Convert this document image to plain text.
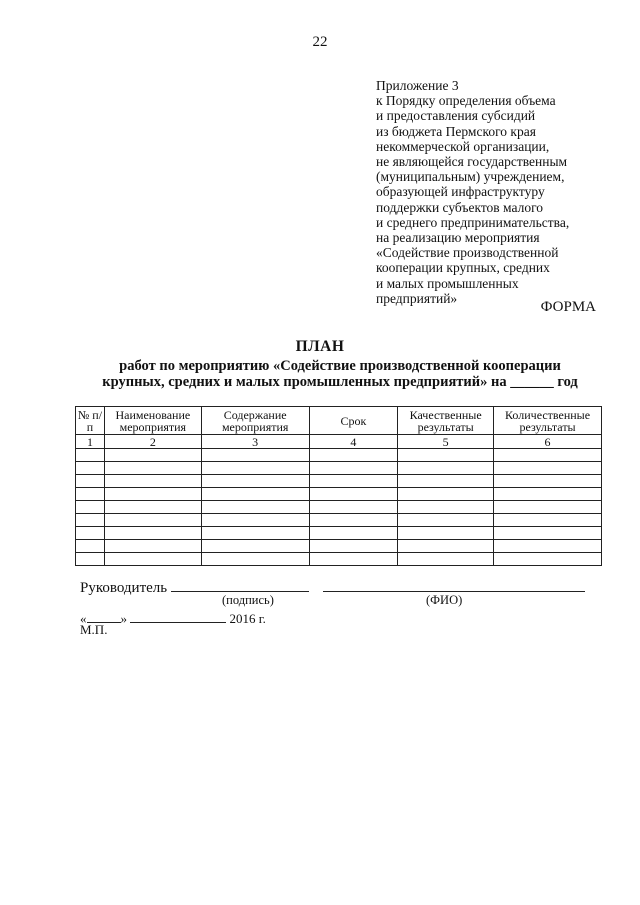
22
Приложение 3
к Порядку определения объема
и предоставления субсидий
из бюджета Пермского края
некоммерческой организации,
не являющейся государственным
(муниципальным) учреждением,
образующей инфраструктуру
поддержки субъектов малого
и среднего предпринимательства,
на реализацию мероприятия
«Содействие производственной
кооперации крупных, средних
и малых промышленных
предприятий»
ФОРМА
ПЛАН
работ по мероприятию «Содействие производственной кооперации
крупных, средних и малых промышленных предприятий» на ______ год
№ п/п	Наименование мероприятия	Содержание мероприятия	Срок	Качественные результаты	Количественные результаты
1	2	3	4	5	6

Руководитель
(подпись)	(ФИО)
«	»	2016 г.
М.П.
